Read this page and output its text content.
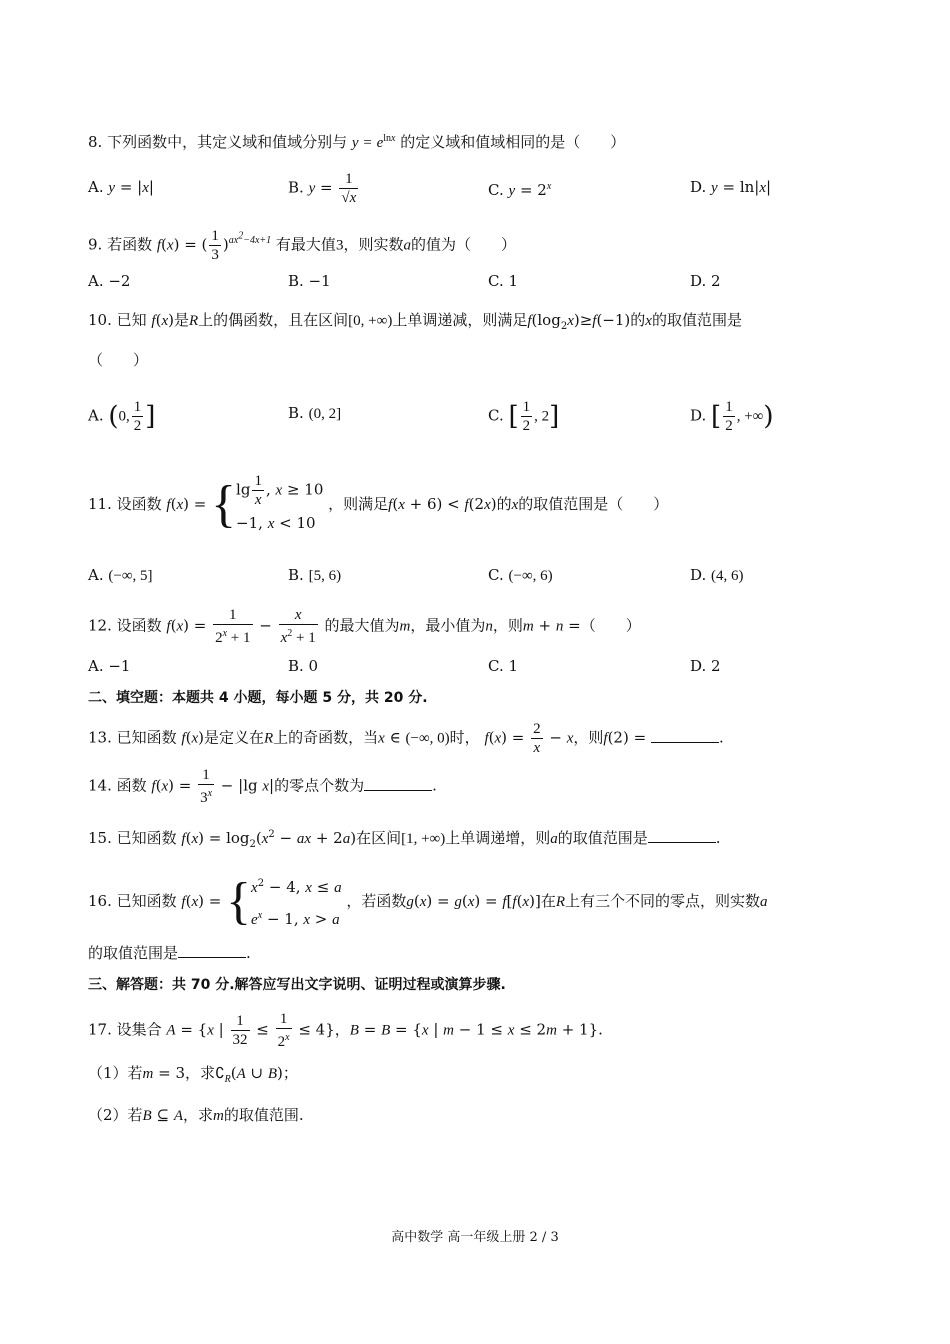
8. 下列函数中，其定义域和值域分别与 $y = e^{lnx}$ 的定义域和值域相同的是（　　）
A. y = |x|	B. $y = \frac{1}{√x}$	C. $y = 2^x$	D. y = ln|x|
9. 若函数 f(x) = ( $\frac{1}{3} )^{ax^2-4x+1}$ 有最大值3，则实数a的值为（　　）
A. −2	B. −1	C. 1	D. 2
10. 已知 f(x)是R上的偶函数，且在区间[0, +∞)上单调递减，则满足$f(\log_2x)\ge f(-1)$的x的取值范围是
（　　）
A. (0, $\frac{1}{2}$ ]	B. (0, 2]	C. [ $\frac{1}{2}$ , 2]	D. [ $\frac{1}{2}$ , +∞)
11. 设函数 f(x) = { $\lg \frac{1}{x}$ , x ≥ 10
−1, x < 10
，则满足f(x + 6) < f(2x)的x的取值范围是（　　）
A. (−∞, 5]	B. [5, 6)	C. (−∞, 6)	D. (4, 6)
12. 设函数 $f(x) = \frac{1}{2^x + 1} - \frac{x}{x^2 + 1}$ 的最大值为m，最小值为n，则m + n =（　　）
A. −1	B. 0	C. 1	D. 2
二、填空题：本题共 4 小题，每小题 5 分，共 20 分.
13. 已知函数 f(x)是定义在R上的奇函数，当x ∈ (−∞, 0)时， $f(x) = \frac{2}{x} - x$，则f(2) =	.
14. 函数 $f(x) = \frac{1}{3^x} - |\lg$ x|的零点个数为	.
15. 已知函数 $f(x) = \log_2(x^2$ − ax + 2a)在区间[1, +∞)上单调递增，则a的取值范围是	.
16. 已知函数 f(x) = { $x^2 - 4$, x ≤ a
$e^x - 1$, x > a
，若函数g(x) = g(x) = f[f(x)]在R上有三个不同的零点，则实数a
的取值范围是	.
三、解答题：共 70 分.解答应写出文字说明、证明过程或演算步骤.
17. 设集合 A = {x | $\frac{1}{32} \le \frac{1}{2^x} \le 4$}，B = B = {x | m − 1 ≤ x ≤ 2m + 1}.
（1）若m = 3，求$∁_R(A$ ∪ B)；
（2）若B ⊆ A，求m的取值范围.
高中数学 高一年级上册 2 / 3
